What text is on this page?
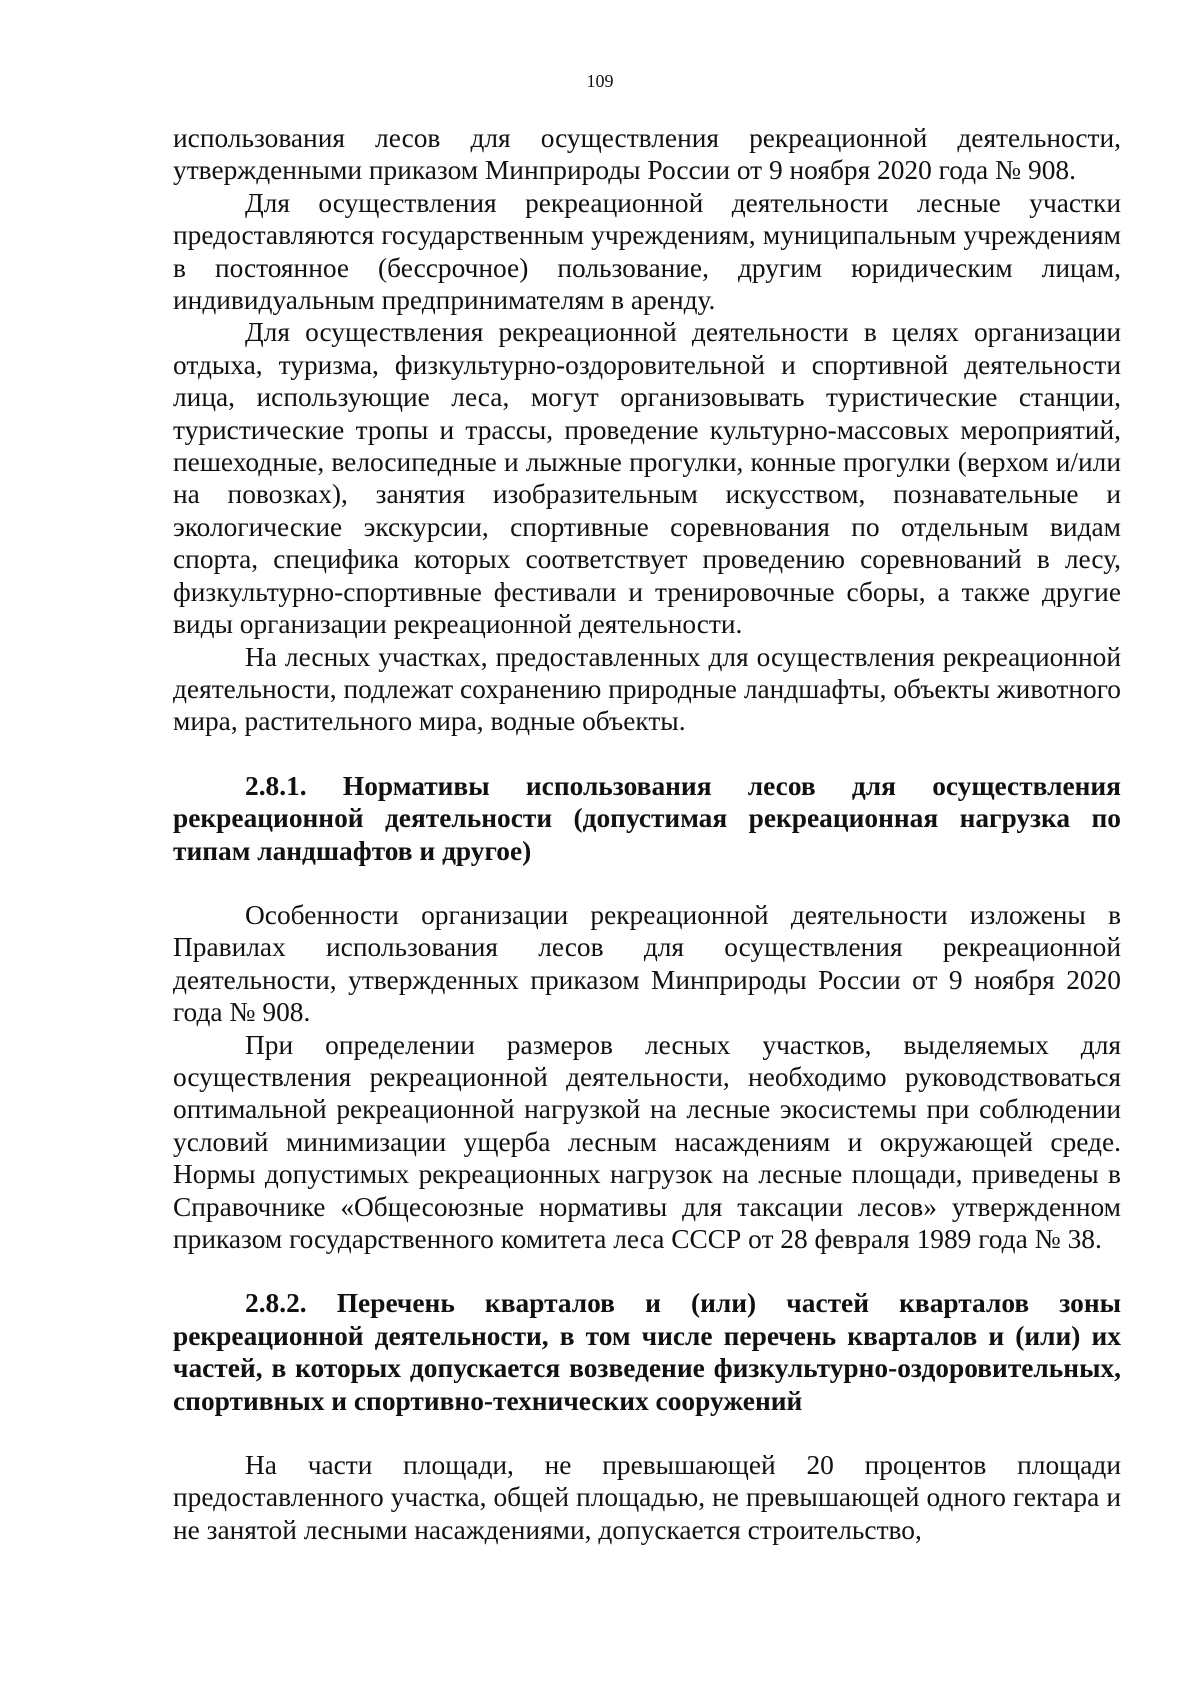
109

использования лесов для осуществления рекреационной деятельности, утвержденными приказом Минприроды России от 9 ноября 2020 года № 908.

Для осуществления рекреационной деятельности лесные участки предоставляются государственным учреждениям, муниципальным учреждениям в постоянное (бессрочное) пользование, другим юридическим лицам, индивидуальным предпринимателям в аренду.

Для осуществления рекреационной деятельности в целях организации отдыха, туризма, физкультурно-оздоровительной и спортивной деятельности лица, использующие леса, могут организовывать туристические станции, туристические тропы и трассы, проведение культурно-массовых мероприятий, пешеходные, велосипедные и лыжные прогулки, конные прогулки (верхом и/или на повозках), занятия изобразительным искусством, познавательные и экологические экскурсии, спортивные соревнования по отдельным видам спорта, специфика которых соответствует проведению соревнований в лесу, физкультурно-спортивные фестивали и тренировочные сборы, а также другие виды организации рекреационной деятельности.

На лесных участках, предоставленных для осуществления рекреационной деятельности, подлежат сохранению природные ландшафты, объекты животного мира, растительного мира, водные объекты.

2.8.1. Нормативы использования лесов для осуществления рекреационной деятельности (допустимая рекреационная нагрузка по типам ландшафтов и другое)

Особенности организации рекреационной деятельности изложены в Правилах использования лесов для осуществления рекреационной деятельности, утвержденных приказом Минприроды России от 9 ноября 2020 года № 908.

При определении размеров лесных участков, выделяемых для осуществления рекреационной деятельности, необходимо руководствоваться оптимальной рекреационной нагрузкой на лесные экосистемы при соблюдении условий минимизации ущерба лесным насаждениям и окружающей среде. Нормы допустимых рекреационных нагрузок на лесные площади, приведены в Справочнике «Общесоюзные нормативы для таксации лесов» утвержденном приказом государственного комитета леса СССР от 28 февраля 1989 года № 38.

2.8.2. Перечень кварталов и (или) частей кварталов зоны рекреационной деятельности, в том числе перечень кварталов и (или) их частей, в которых допускается возведение физкультурно-оздоровительных, спортивных и спортивно-технических сооружений

На части площади, не превышающей 20 процентов площади предоставленного участка, общей площадью, не превышающей одного гектара и не занятой лесными насаждениями, допускается строительство,
